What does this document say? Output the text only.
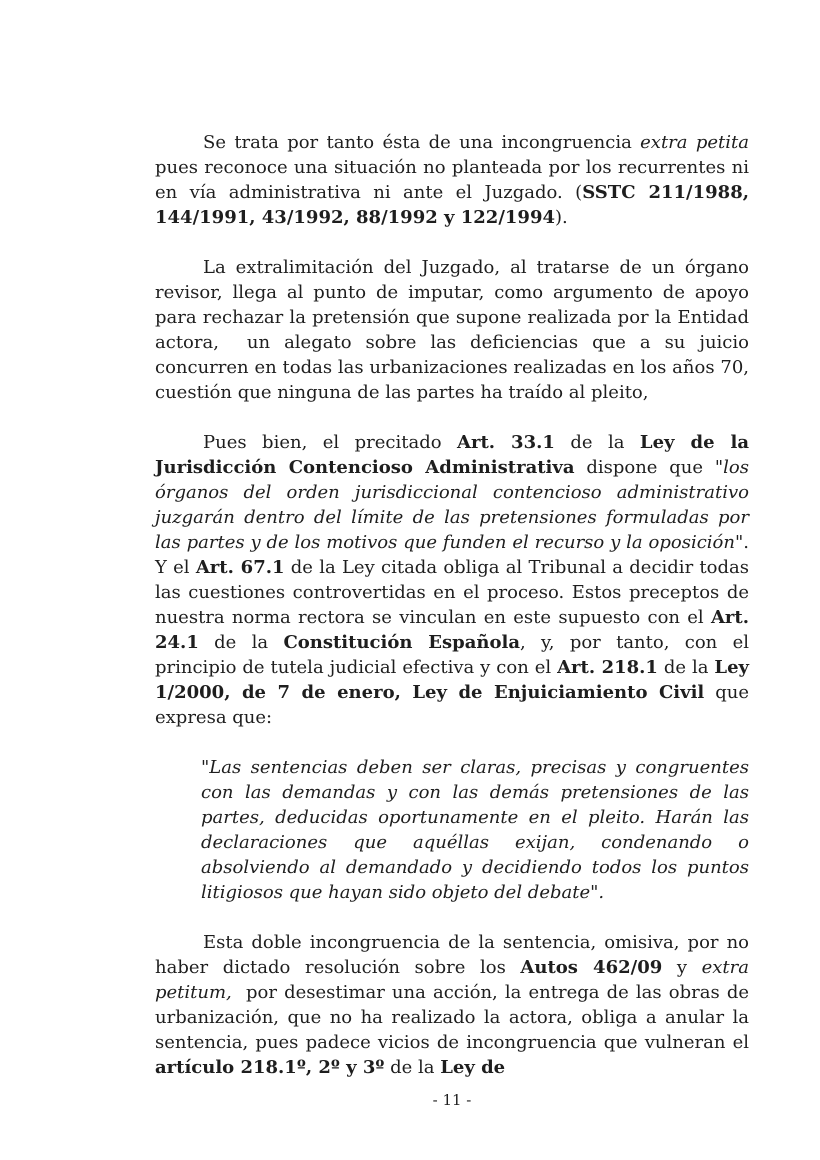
Se trata por tanto ésta de una incongruencia extra petita pues reconoce una situación no planteada por los recurrentes ni en vía administrativa ni ante el Juzgado. (SSTC 211/1988, 144/1991, 43/1992, 88/1992 y 122/1994).

La extralimitación del Juzgado, al tratarse de un órgano revisor, llega al punto de imputar, como argumento de apoyo para rechazar la pretensión que supone realizada por la Entidad actora,  un alegato sobre las deficiencias que a su juicio concurren en todas las urbanizaciones realizadas en los años 70, cuestión que ninguna de las partes ha traído al pleito,

Pues bien, el precitado Art. 33.1 de la Ley de la Jurisdicción Contencioso Administrativa dispone que "los órganos del orden jurisdiccional contencioso administrativo juzgarán dentro del límite de las pretensiones formuladas por las partes y de los motivos que funden el recurso y la oposición". Y el Art. 67.1 de la Ley citada obliga al Tribunal a decidir todas las cuestiones controvertidas en el proceso. Estos preceptos de nuestra norma rectora se vinculan en este supuesto con el Art. 24.1 de la Constitución Española, y, por tanto, con el principio de tutela judicial efectiva y con el Art. 218.1 de la Ley 1/2000, de 7 de enero, Ley de Enjuiciamiento Civil que expresa que:

"Las sentencias deben ser claras, precisas y congruentes con las demandas y con las demás pretensiones de las partes, deducidas oportunamente en el pleito. Harán las declaraciones que aquéllas exijan, condenando o absolviendo al demandado y decidiendo todos los puntos litigiosos que hayan sido objeto del debate".

Esta doble incongruencia de la sentencia, omisiva, por no haber dictado resolución sobre los Autos 462/09 y extra petitum,  por desestimar una acción, la entrega de las obras de urbanización, que no ha realizado la actora, obliga a anular la sentencia, pues padece vicios de incongruencia que vulneran el artículo 218.1º, 2º y 3º de la Ley de

- 11 -
